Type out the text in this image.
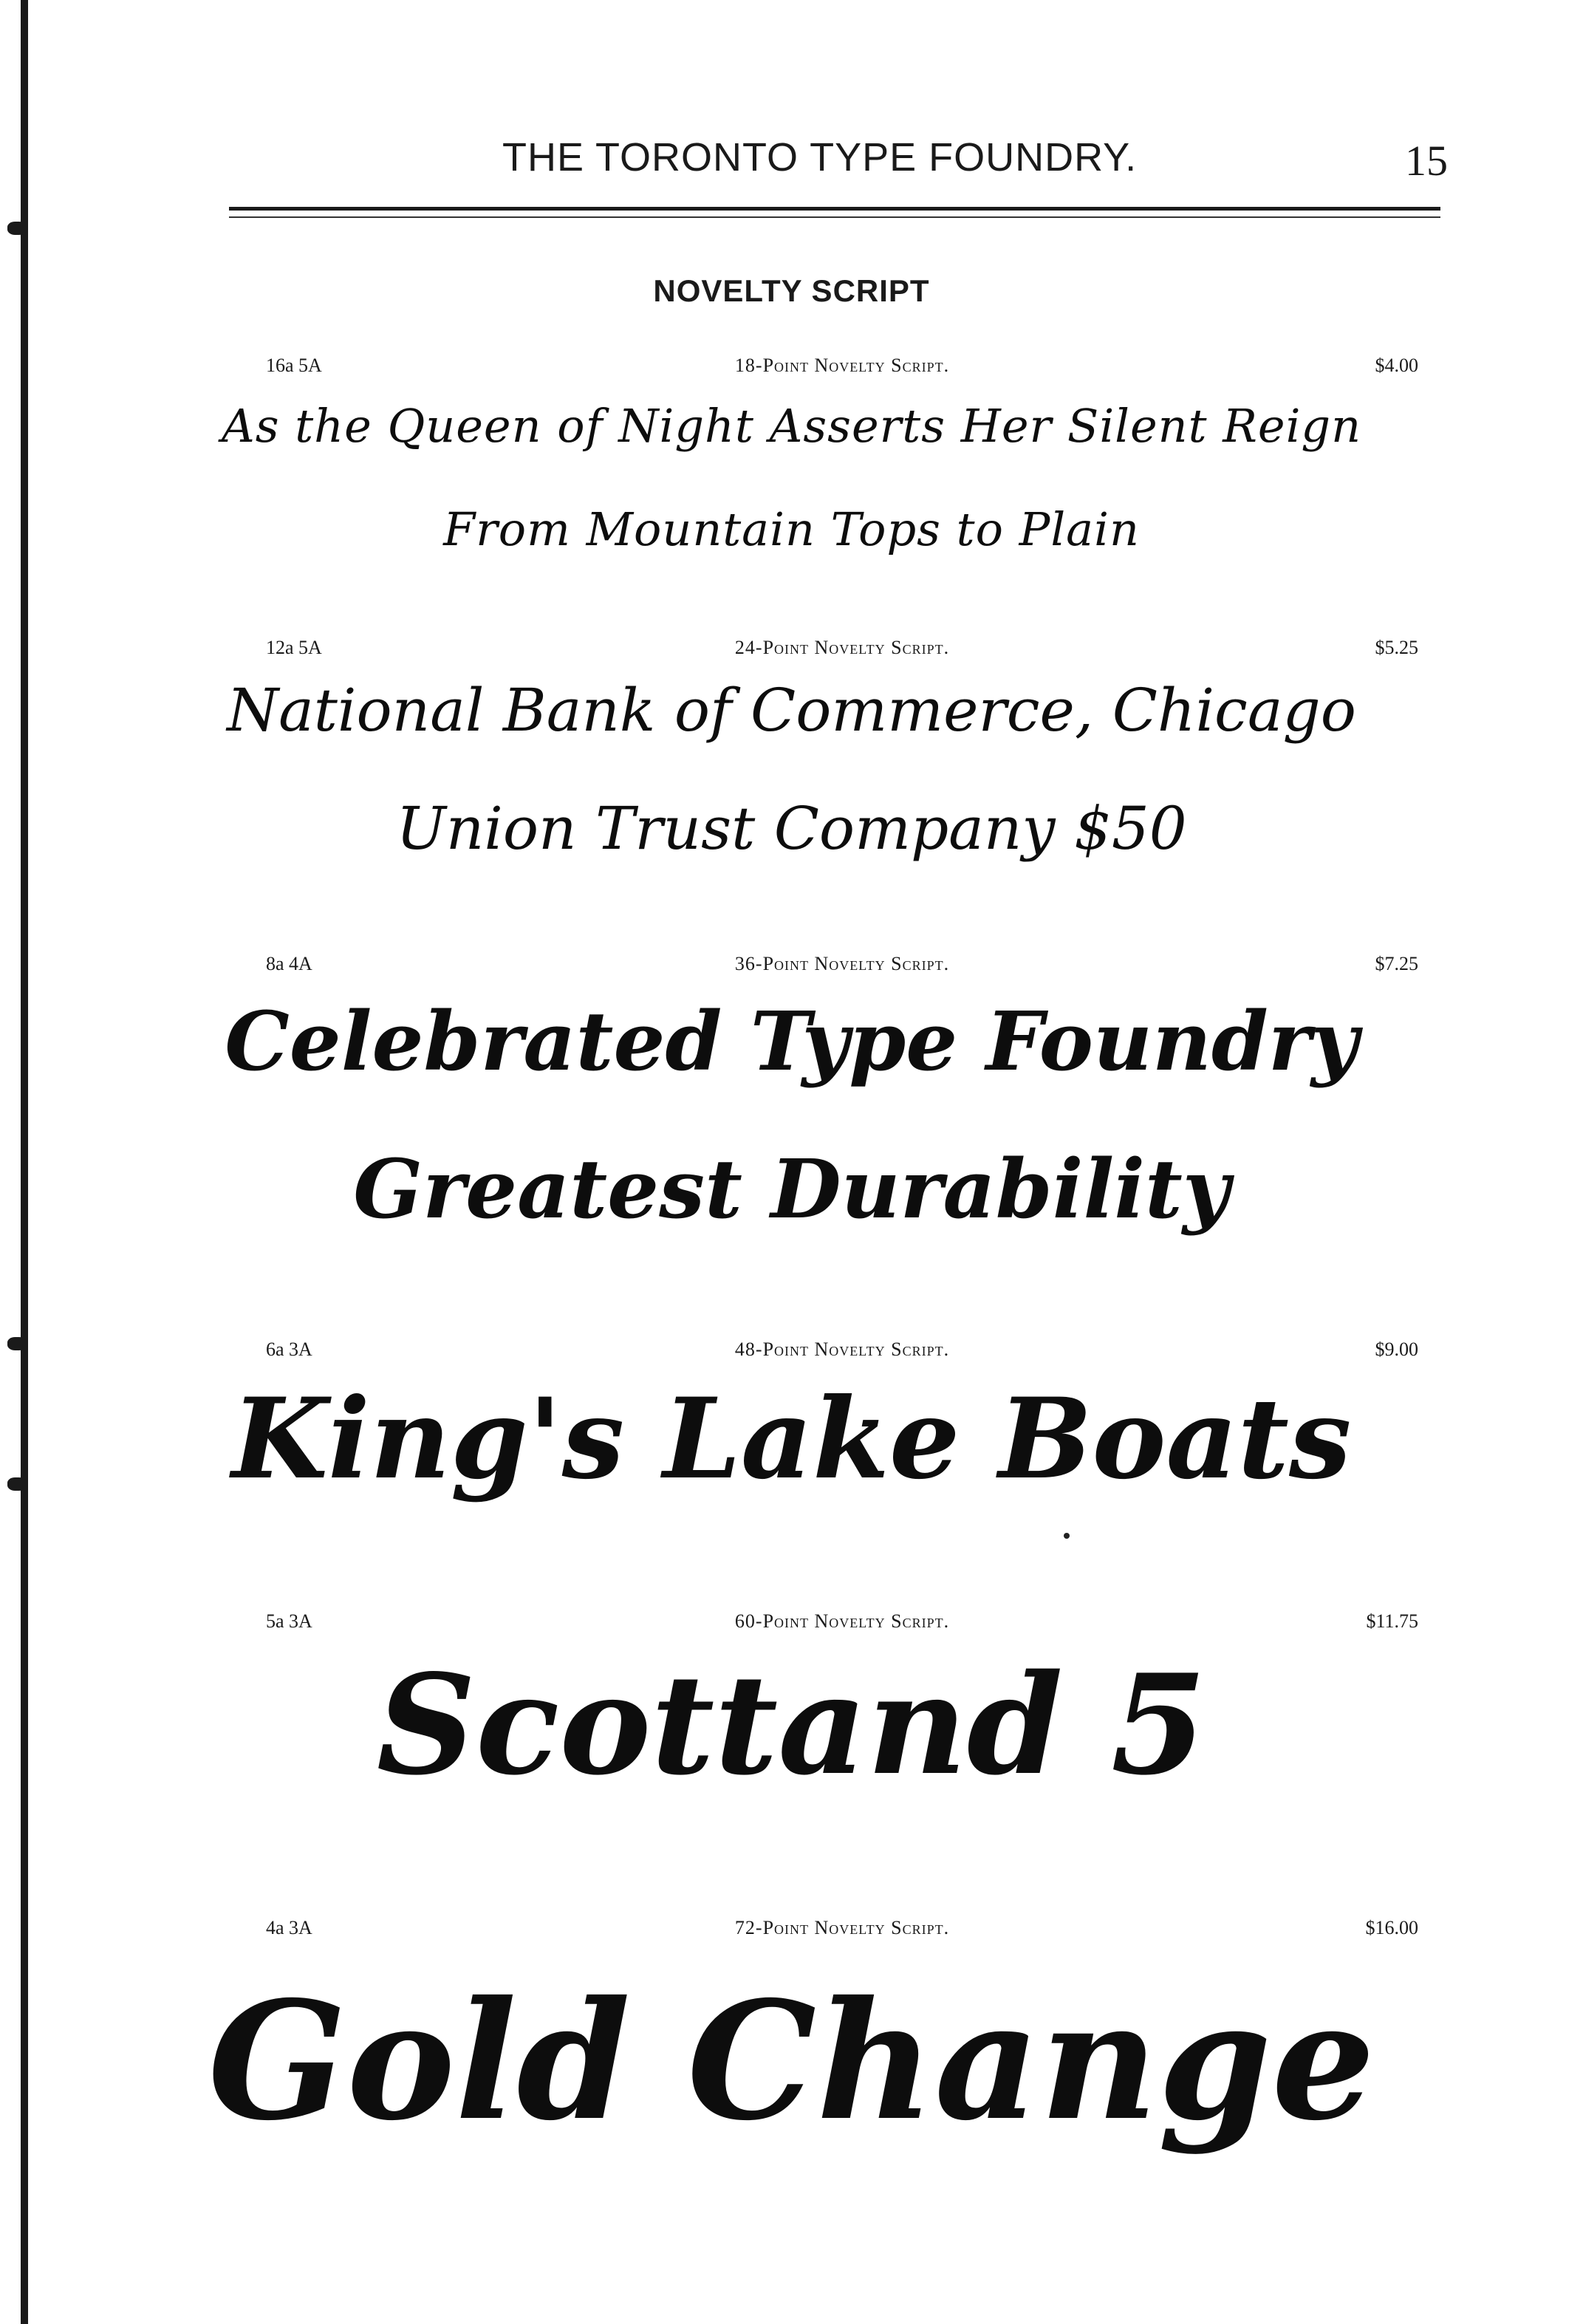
THE TORONTO TYPE FOUNDRY.	15
NOVELTY SCRIPT
16a 5A	18-Point Novelty Script.	$4.00
As the Queen of Night Asserts Her Silent Reign
From Mountain Tops to Plain
12a 5A	24-Point Novelty Script.	$5.25
National Bank of Commerce, Chicago
Union Trust Company $50
8a 4A	36-Point Novelty Script.	$7.25
Celebrated Type Foundry
Greatest Durability
6a 3A	48-Point Novelty Script.	$9.00
King's Lake Boats
5a 3A	60-Point Novelty Script.	$11.75
Scottand 5
4a 3A	72-Point Novelty Script.	$16.00
Gold Change
